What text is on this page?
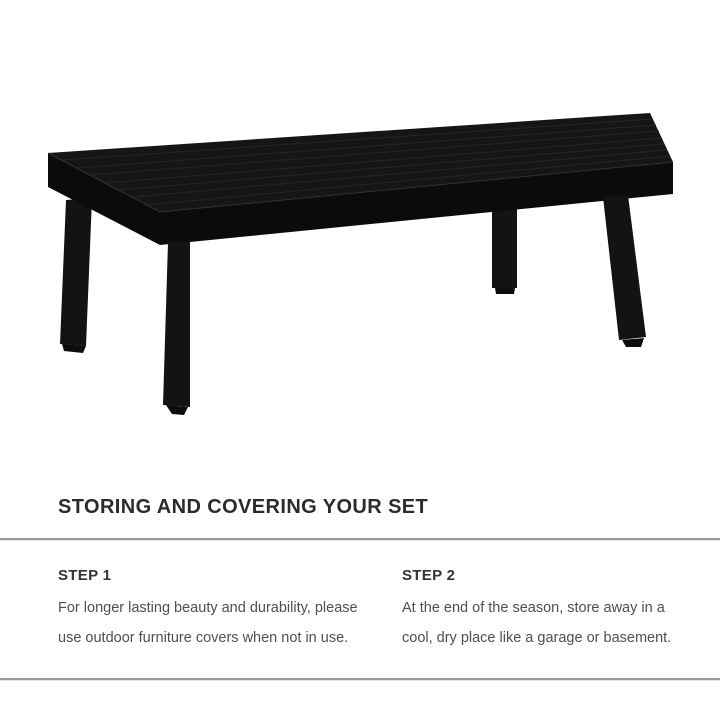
STORING AND COVERING YOUR SET
STEP 1
For longer lasting beauty and durability, please
use outdoor furniture covers when not in use.
STEP 2
At the end of the season, store away in a
cool, dry place like a garage or basement.
